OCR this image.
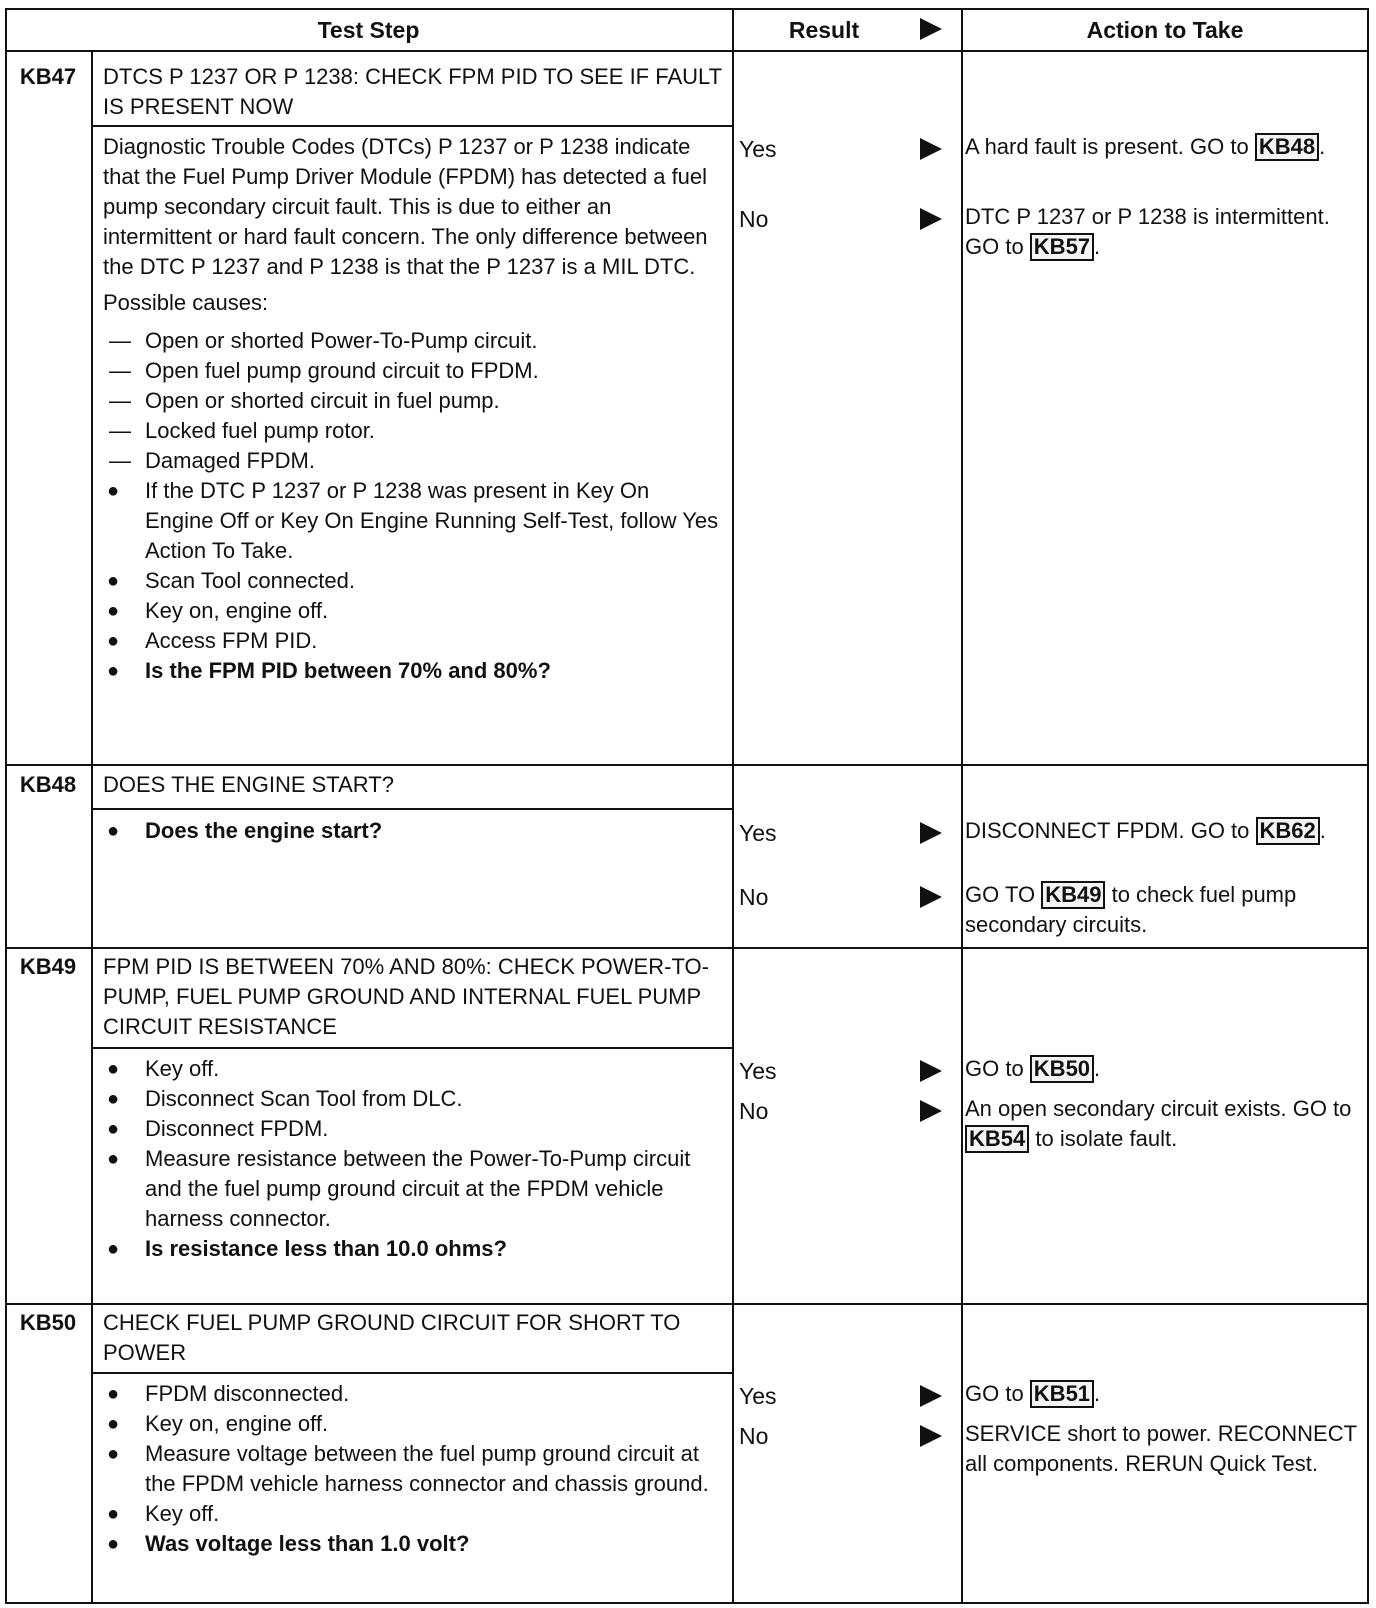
Test Step	Result	Action to Take
KB47	DTCS P 1237 OR P 1238: CHECK FPM PID TO SEE IF FAULT IS PRESENT NOW

Diagnostic Trouble Codes (DTCs) P 1237 or P 1238 indicate that the Fuel Pump Driver Module (FPDM) has detected a fuel pump secondary circuit fault. This is due to either an intermittent or hard fault concern. The only difference between the DTC P 1237 and P 1238 is that the P 1237 is a MIL DTC.

Possible causes:

— Open or shorted Power-To-Pump circuit.
— Open fuel pump ground circuit to FPDM.
— Open or shorted circuit in fuel pump.
— Locked fuel pump rotor.
— Damaged FPDM.
● If the DTC P 1237 or P 1238 was present in Key On Engine Off or Key On Engine Running Self-Test, follow Yes Action To Take.
● Scan Tool connected.
● Key on, engine off.
● Access FPM PID.
● Is the FPM PID between 70% and 80%?
Yes	A hard fault is present. GO to KB48 .
No	DTC P 1237 or P 1238 is intermittent. GO to KB57 .
KB48	DOES THE ENGINE START?
● Does the engine start?	Yes	DISCONNECT FPDM. GO to KB62 .
No	GO TO KB49 to check fuel pump secondary circuits.
KB49	FPM PID IS BETWEEN 70% AND 80%: CHECK POWER-TO-PUMP, FUEL PUMP GROUND AND INTERNAL FUEL PUMP CIRCUIT RESISTANCE
● Key off.
● Disconnect Scan Tool from DLC.
● Disconnect FPDM.
● Measure resistance between the Power-To-Pump circuit and the fuel pump ground circuit at the FPDM vehicle harness connector.
● Is resistance less than 10.0 ohms?
Yes	GO to KB50 .
No	An open secondary circuit exists. GO to KB54 to isolate fault.
KB50	CHECK FUEL PUMP GROUND CIRCUIT FOR SHORT TO POWER
● FPDM disconnected.
● Key on, engine off.
● Measure voltage between the fuel pump ground circuit at the FPDM vehicle harness connector and chassis ground.
● Key off.
● Was voltage less than 1.0 volt?
Yes	GO to KB51 .
No	SERVICE short to power. RECONNECT all components. RERUN Quick Test.
